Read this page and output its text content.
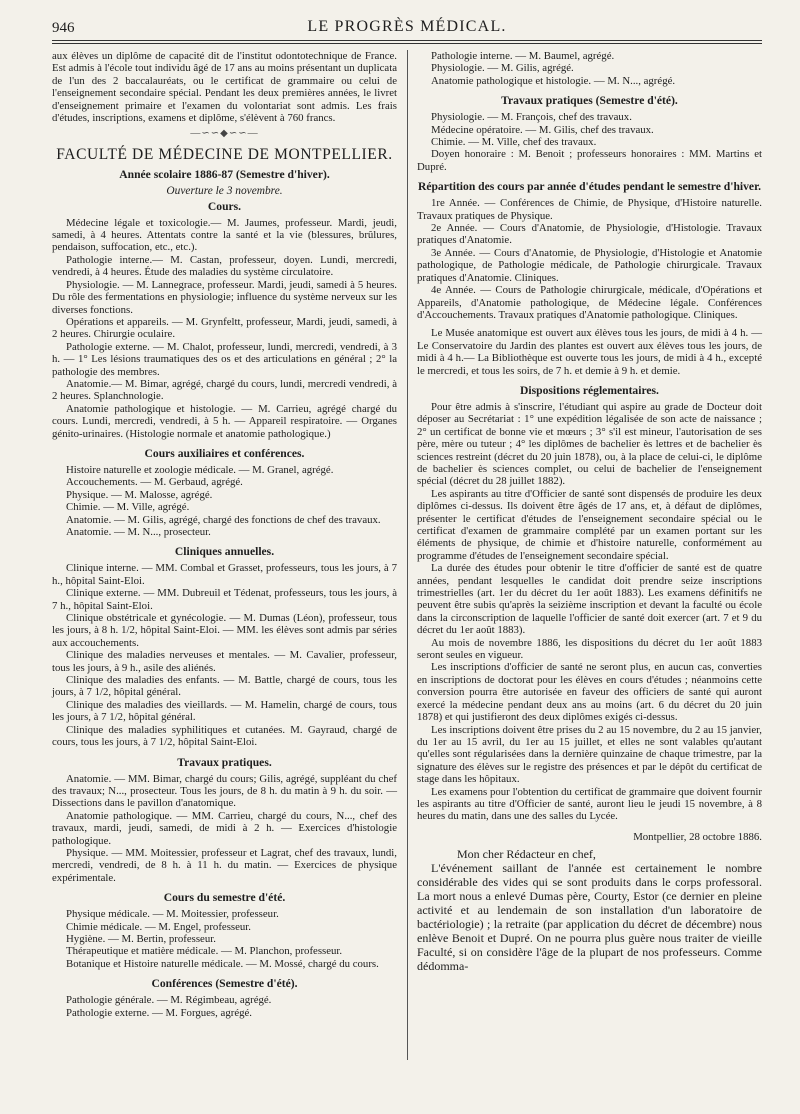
946	LE PROGRÈS MÉDICAL.

aux élèves un diplôme de capacité dit de l'institut odontotechnique de France. Est admis à l'école tout individu âgé de 17 ans au moins présentant un duplicata de l'un des 2 baccalauréats, ou le certificat de grammaire ou celui de l'enseignement secondaire spécial. Pendant les deux premières années, le livret d'enseignement primaire et l'examen du volontariat sont admis. Les frais d'études, inscriptions, examens et diplôme, s'élèvent à 760 francs.

—∽∽◆∽∽—

FACULTÉ DE MÉDECINE DE MONTPELLIER.

Année scolaire 1886-87 (Semestre d'hiver).

Ouverture le 3 novembre.

Cours.

Médecine légale et toxicologie.— M. Jaumes, professeur. Mardi, jeudi, samedi, à 4 heures. Attentats contre la santé et la vie (blessures, brûlures, pendaison, suffocation, etc., etc.).

Pathologie interne.— M. Castan, professeur, doyen. Lundi, mercredi, vendredi, à 4 heures. Étude des maladies du système circulatoire.

Physiologie. — M. Lannegrace, professeur. Mardi, jeudi, samedi à 5 heures. Du rôle des fermentations en physiologie; influence du système nerveux sur les diverses fonctions.

Opérations et appareils. — M. Grynfeltt, professeur, Mardi, jeudi, samedi, à 2 heures. Chirurgie oculaire.

Pathologie externe. — M. Chalot, professeur, lundi, mercredi, vendredi, à 3 h. — 1° Les lésions traumatiques des os et des articulations en général ; 2° la pathologie des membres.

Anatomie.— M. Bimar, agrégé, chargé du cours, lundi, mercredi vendredi, à 2 heures. Splanchnologie.

Anatomie pathologique et histologie. — M. Carrieu, agrégé chargé du cours. Lundi, mercredi, vendredi, à 5 h. — Appareil respiratoire. — Organes génito-urinaires. (Histologie normale et anatomie pathologique.)

Cours auxiliaires et conférences.

Histoire naturelle et zoologie médicale. — M. Granel, agrégé.

Accouchements. — M. Gerbaud, agrégé.

Physique. — M. Malosse, agrégé.

Chimie. — M. Ville, agrégé.

Anatomie. — M. Gilis, agrégé, chargé des fonctions de chef des travaux.

Anatomie. — M. N..., prosecteur.

Cliniques annuelles.

Clinique interne. — MM. Combal et Grasset, professeurs, tous les jours, à 7 h., hôpital Saint-Eloi.

Clinique externe. — MM. Dubreuil et Tédenat, professeurs, tous les jours, à 7 h., hôpital Saint-Eloi.

Clinique obstétricale et gynécologie. — M. Dumas (Léon), professeur, tous les jours, à 8 h. 1/2, hôpital Saint-Eloi. — MM. les élèves sont admis par séries aux accouchements.

Clinique des maladies nerveuses et mentales. — M. Cavalier, professeur, tous les jours, à 9 h., asile des aliénés.

Clinique des maladies des enfants. — M. Battle, chargé de cours, tous les jours, à 7 1/2, hôpital général.

Clinique des maladies des vieillards. — M. Hamelin, chargé de cours, tous les jours, à 7 1/2, hôpital général.

Clinique des maladies syphilitiques et cutanées. M. Gayraud, chargé de cours, tous les jours, à 7 1/2, hôpital Saint-Eloi.

Travaux pratiques.

Anatomie. — MM. Bimar, chargé du cours; Gilis, agrégé, suppléant du chef des travaux; N..., prosecteur. Tous les jours, de 8 h. du matin à 9 h. du soir. — Dissections dans le pavillon d'anatomique.

Anatomie pathologique. — MM. Carrieu, chargé du cours, N..., chef des travaux, mardi, jeudi, samedi, de midi à 2 h. — Exercices d'histologie pathologique.

Physique. — MM. Moitessier, professeur et Lagrat, chef des travaux, lundi, mercredi, vendredi, de 8 h. à 11 h. du matin. — Exercices de physique expérimentale.

Cours du semestre d'été.

Physique médicale. — M. Moitessier, professeur.

Chimie médicale. — M. Engel, professeur.

Hygiène. — M. Bertin, professeur.

Thérapeutique et matière médicale. — M. Planchon, professeur.

Botanique et Histoire naturelle médicale. — M. Mossé, chargé du cours.

Conférences (Semestre d'été).

Pathologie générale. — M. Régimbeau, agrégé.

Pathologie externe. — M. Forgues, agrégé.

Pathologie interne. — M. Baumel, agrégé.

Physiologie. — M. Gilis, agrégé.

Anatomie pathologique et histologie. — M. N..., agrégé.

Travaux pratiques (Semestre d'été).

Physiologie. — M. François, chef des travaux.

Médecine opératoire. — M. Gilis, chef des travaux.

Chimie. — M. Ville, chef des travaux.

Doyen honoraire : M. Benoit ; professeurs honoraires : MM. Martins et Dupré.

Répartition des cours par année d'études pendant le semestre d'hiver.

1re Année. — Conférences de Chimie, de Physique, d'Histoire naturelle. Travaux pratiques de Physique.

2e Année. — Cours d'Anatomie, de Physiologie, d'Histologie. Travaux pratiques d'Anatomie.

3e Année. — Cours d'Anatomie, de Physiologie, d'Histologie et Anatomie pathologique, de Pathologie médicale, de Pathologie chirurgicale. Travaux pratiques d'Anatomie. Cliniques.

4e Année. — Cours de Pathologie chirurgicale, médicale, d'Opérations et Appareils, d'Anatomie pathologique, de Médecine légale. Conférences d'Accouchements. Travaux pratiques d'Anatomie pathologique. Cliniques.

Le Musée anatomique est ouvert aux élèves tous les jours, de midi à 4 h. — Le Conservatoire du Jardin des plantes est ouvert aux élèves tous les jours, de midi à 4 h.— La Bibliothèque est ouverte tous les jours, de midi à 4 h., excepté le mercredi, et tous les soirs, de 7 h. et demie à 9 h. et demie.

Dispositions réglementaires.

Pour être admis à s'inscrire, l'étudiant qui aspire au grade de Docteur doit déposer au Secrétariat : 1° une expédition légalisée de son acte de naissance ; 2° un certificat de bonne vie et mœurs ; 3° s'il est mineur, l'autorisation de ses père, mère ou tuteur ; 4° les diplômes de bachelier ès lettres et de bachelier ès sciences restreint (décret du 20 juin 1878), ou, à la place de celui-ci, le diplôme de bachelier ès sciences complet, ou celui de bachelier de l'enseignement spécial (décret du 28 juillet 1882).

Les aspirants au titre d'Officier de santé sont dispensés de produire les deux diplômes ci-dessus. Ils doivent être âgés de 17 ans, et, à défaut de diplômes, présenter le certificat d'études de l'enseignement secondaire spécial ou le certificat d'examen de grammaire complété par un examen portant sur les éléments de physique, de chimie et d'histoire naturelle, conformément au programme d'études de l'enseignement secondaire spécial.

La durée des études pour obtenir le titre d'officier de santé est de quatre années, pendant lesquelles le candidat doit prendre seize inscriptions trimestrielles (art. 1er du décret du 1er août 1883). Les examens définitifs ne peuvent être subis qu'après la seizième inscription et devant la faculté ou école dans la circonscription de laquelle l'officier de santé doit exercer (art. 7 et 9 du décret du 1er août 1883).

Au mois de novembre 1886, les dispositions du décret du 1er août 1883 seront seules en vigueur.

Les inscriptions d'officier de santé ne seront plus, en aucun cas, converties en inscriptions de doctorat pour les élèves en cours d'études ; néanmoins cette conversion pourra être autorisée en faveur des officiers de santé qui auront exercé la médecine pendant deux ans au moins (art. 6 du décret du 20 juin 1878) et qui justifieront des deux diplômes exigés ci-dessus.

Les inscriptions doivent être prises du 2 au 15 novembre, du 2 au 15 janvier, du 1er au 15 avril, du 1er au 15 juillet, et elles ne sont valables qu'autant qu'elles sont régularisées dans la dernière quinzaine de chaque trimestre, par la signature des élèves sur le registre des présences et par le dépôt du certificat de stage dans les hôpitaux.

Les examens pour l'obtention du certificat de grammaire que doivent fournir les aspirants au titre d'Officier de santé, auront lieu le jeudi 15 novembre, à 8 heures du matin, dans une des salles du Lycée.

Montpellier, 28 octobre 1886.

Mon cher Rédacteur en chef,

L'événement saillant de l'année est certainement le nombre considérable des vides qui se sont produits dans le corps professoral. La mort nous a enlevé Dumas père, Courty, Estor (ce dernier en pleine activité et au lendemain de son installation d'un laboratoire de bactériologie) ; la retraite (par application du décret de décembre) nous enlève Benoit et Dupré. On ne pourra plus guère nous traiter de vieille Faculté, si on considère l'âge de la plupart de nos professeurs. Comme dédomma-
